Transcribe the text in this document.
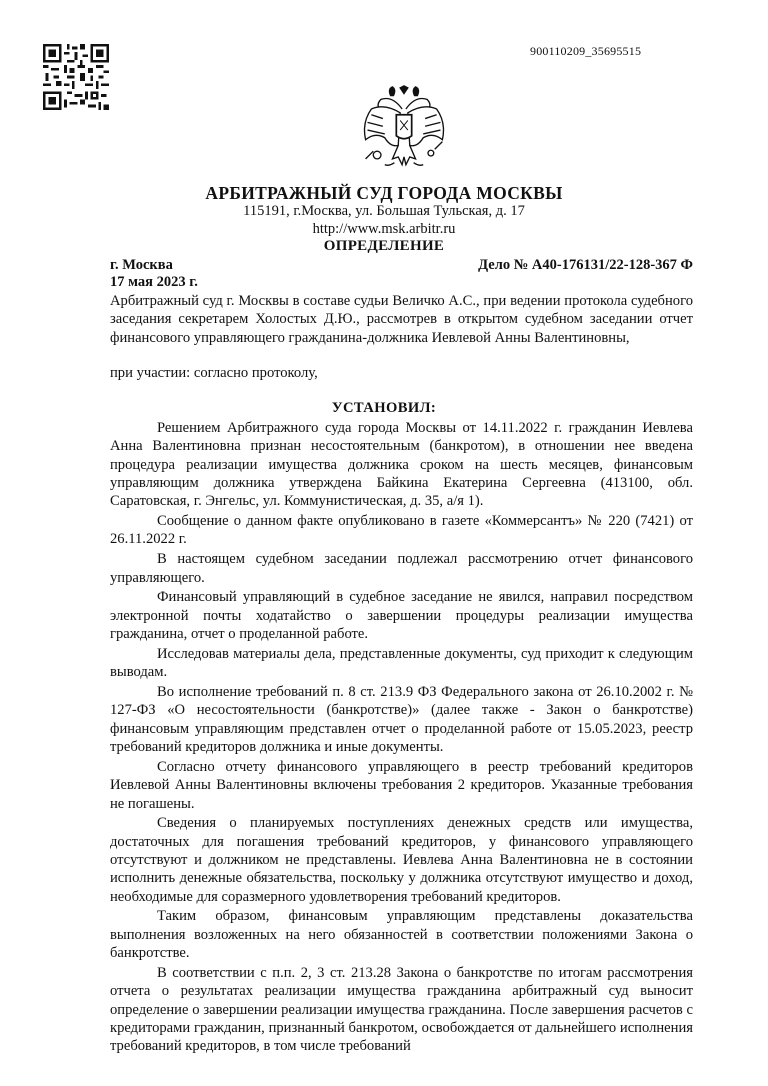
900110209_35695515
АРБИТРАЖНЫЙ СУД ГОРОДА МОСКВЫ
115191, г.Москва, ул. Большая Тульская, д. 17
http://www.msk.arbitr.ru
ОПРЕДЕЛЕНИЕ
г. Москва	Дело № А40-176131/22-128-367 Ф
17 мая 2023 г.
Арбитражный суд г. Москвы в составе судьи Величко А.С., при ведении протокола судебного заседания секретарем Холостых Д.Ю., рассмотрев в открытом судебном заседании отчет финансового управляющего гражданина-должника Иевлевой Анны Валентиновны,
при участии: согласно протоколу,
УСТАНОВИЛ:

Решением Арбитражного суда города Москвы от 14.11.2022 г. гражданин Иевлева Анна Валентиновна признан несостоятельным (банкротом), в отношении нее введена процедура реализации имущества должника сроком на шесть месяцев, финансовым управляющим должника утверждена Байкина Екатерина Сергеевна (413100, обл. Саратовская, г. Энгельс, ул. Коммунистическая, д. 35, а/я 1).

Сообщение о данном факте опубликовано в газете «Коммерсантъ» № 220 (7421) от 26.11.2022 г.

В настоящем судебном заседании подлежал рассмотрению отчет финансового управляющего.

Финансовый управляющий в судебное заседание не явился, направил посредством электронной почты ходатайство о завершении процедуры реализации имущества гражданина, отчет о проделанной работе.

Исследовав материалы дела, представленные документы, суд приходит к следующим выводам.

Во исполнение требований п. 8 ст. 213.9 ФЗ Федерального закона от 26.10.2002 г. № 127-ФЗ «О несостоятельности (банкротстве)» (далее также - Закон о банкротстве) финансовым управляющим представлен отчет о проделанной работе от 15.05.2023, реестр требований кредиторов должника и иные документы.

Согласно отчету финансового управляющего в реестр требований кредиторов Иевлевой Анны Валентиновны включены требования 2 кредиторов. Указанные требования не погашены.

Сведения о планируемых поступлениях денежных средств или имущества, достаточных для погашения требований кредиторов, у финансового управляющего отсутствуют и должником не представлены. Иевлева Анна Валентиновна не в состоянии исполнить денежные обязательства, поскольку у должника отсутствуют имущество и доход, необходимые для соразмерного удовлетворения требований кредиторов.

Таким образом, финансовым управляющим представлены доказательства выполнения возложенных на него обязанностей в соответствии положениями Закона о банкротстве.

В соответствии с п.п. 2, 3 ст. 213.28 Закона о банкротстве по итогам рассмотрения отчета о результатах реализации имущества гражданина арбитражный суд выносит определение о завершении реализации имущества гражданина. После завершения расчетов с кредиторами гражданин, признанный банкротом, освобождается от дальнейшего исполнения требований кредиторов, в том числе требований
